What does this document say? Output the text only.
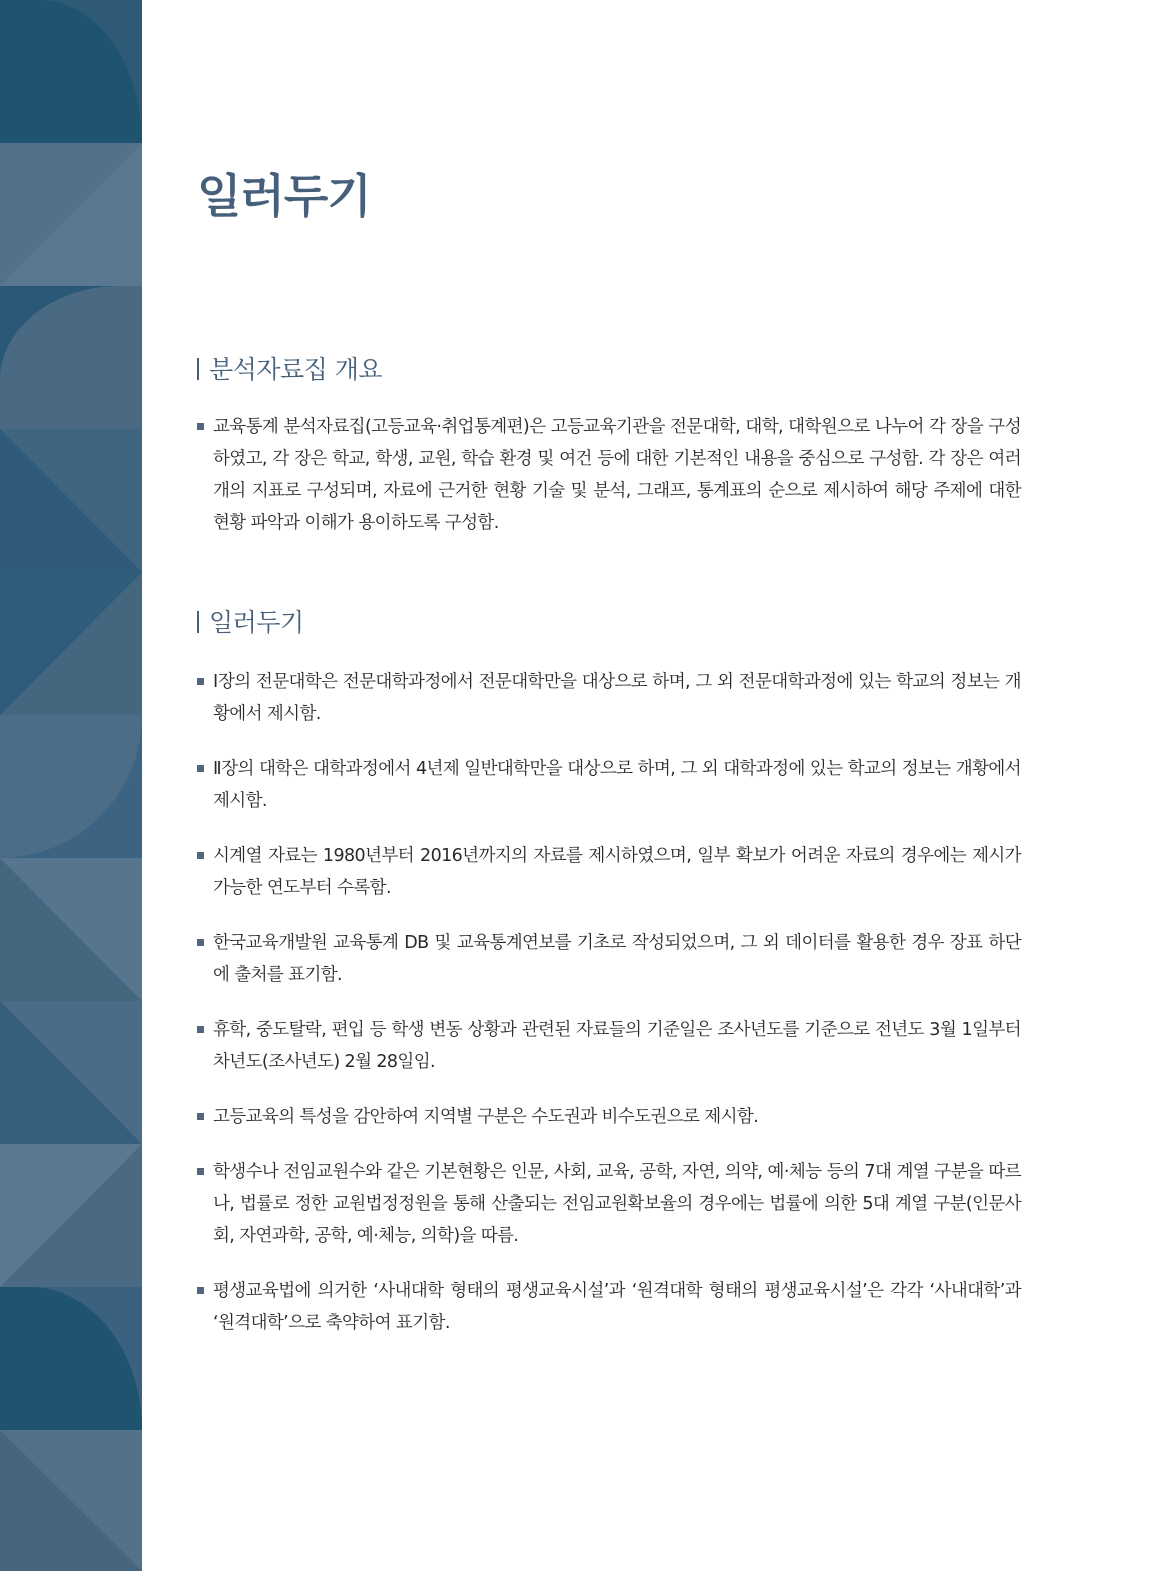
일러두기
분석자료집 개요
교육통계 분석자료집(고등교육·취업통계편)은 고등교육기관을 전문대학, 대학, 대학원으로 나누어 각 장을 구성하였고, 각 장은 학교, 학생, 교원, 학습 환경 및 여건 등에 대한 기본적인 내용을 중심으로 구성함. 각 장은 여러 개의 지표로 구성되며, 자료에 근거한 현황 기술 및 분석, 그래프, 통계표의 순으로 제시하여 해당 주제에 대한 현황 파악과 이해가 용이하도록 구성함.
일러두기
Ⅰ장의 전문대학은 전문대학과정에서 전문대학만을 대상으로 하며, 그 외 전문대학과정에 있는 학교의 정보는 개황에서 제시함.
Ⅱ장의 대학은 대학과정에서 4년제 일반대학만을 대상으로 하며, 그 외 대학과정에 있는 학교의 정보는 개황에서 제시함.
시계열 자료는 1980년부터 2016년까지의 자료를 제시하였으며, 일부 확보가 어려운 자료의 경우에는 제시가 가능한 연도부터 수록함.
한국교육개발원 교육통계 DB 및 교육통계연보를 기초로 작성되었으며, 그 외 데이터를 활용한 경우 장표 하단에 출처를 표기함.
휴학, 중도탈락, 편입 등 학생 변동 상황과 관련된 자료들의 기준일은 조사년도를 기준으로 전년도 3월 1일부터 차년도(조사년도) 2월 28일임.
고등교육의 특성을 감안하여 지역별 구분은 수도권과 비수도권으로 제시함.
학생수나 전임교원수와 같은 기본현황은 인문, 사회, 교육, 공학, 자연, 의약, 예·체능 등의 7대 계열 구분을 따르나, 법률로 정한 교원법정정원을 통해 산출되는 전임교원확보율의 경우에는 법률에 의한 5대 계열 구분(인문사회, 자연과학, 공학, 예·체능, 의학)을 따름.
평생교육법에 의거한 ‘사내대학 형태의 평생교육시설’과 ‘원격대학 형태의 평생교육시설’은 각각 ‘사내대학’과 ‘원격대학’으로 축약하여 표기함.
